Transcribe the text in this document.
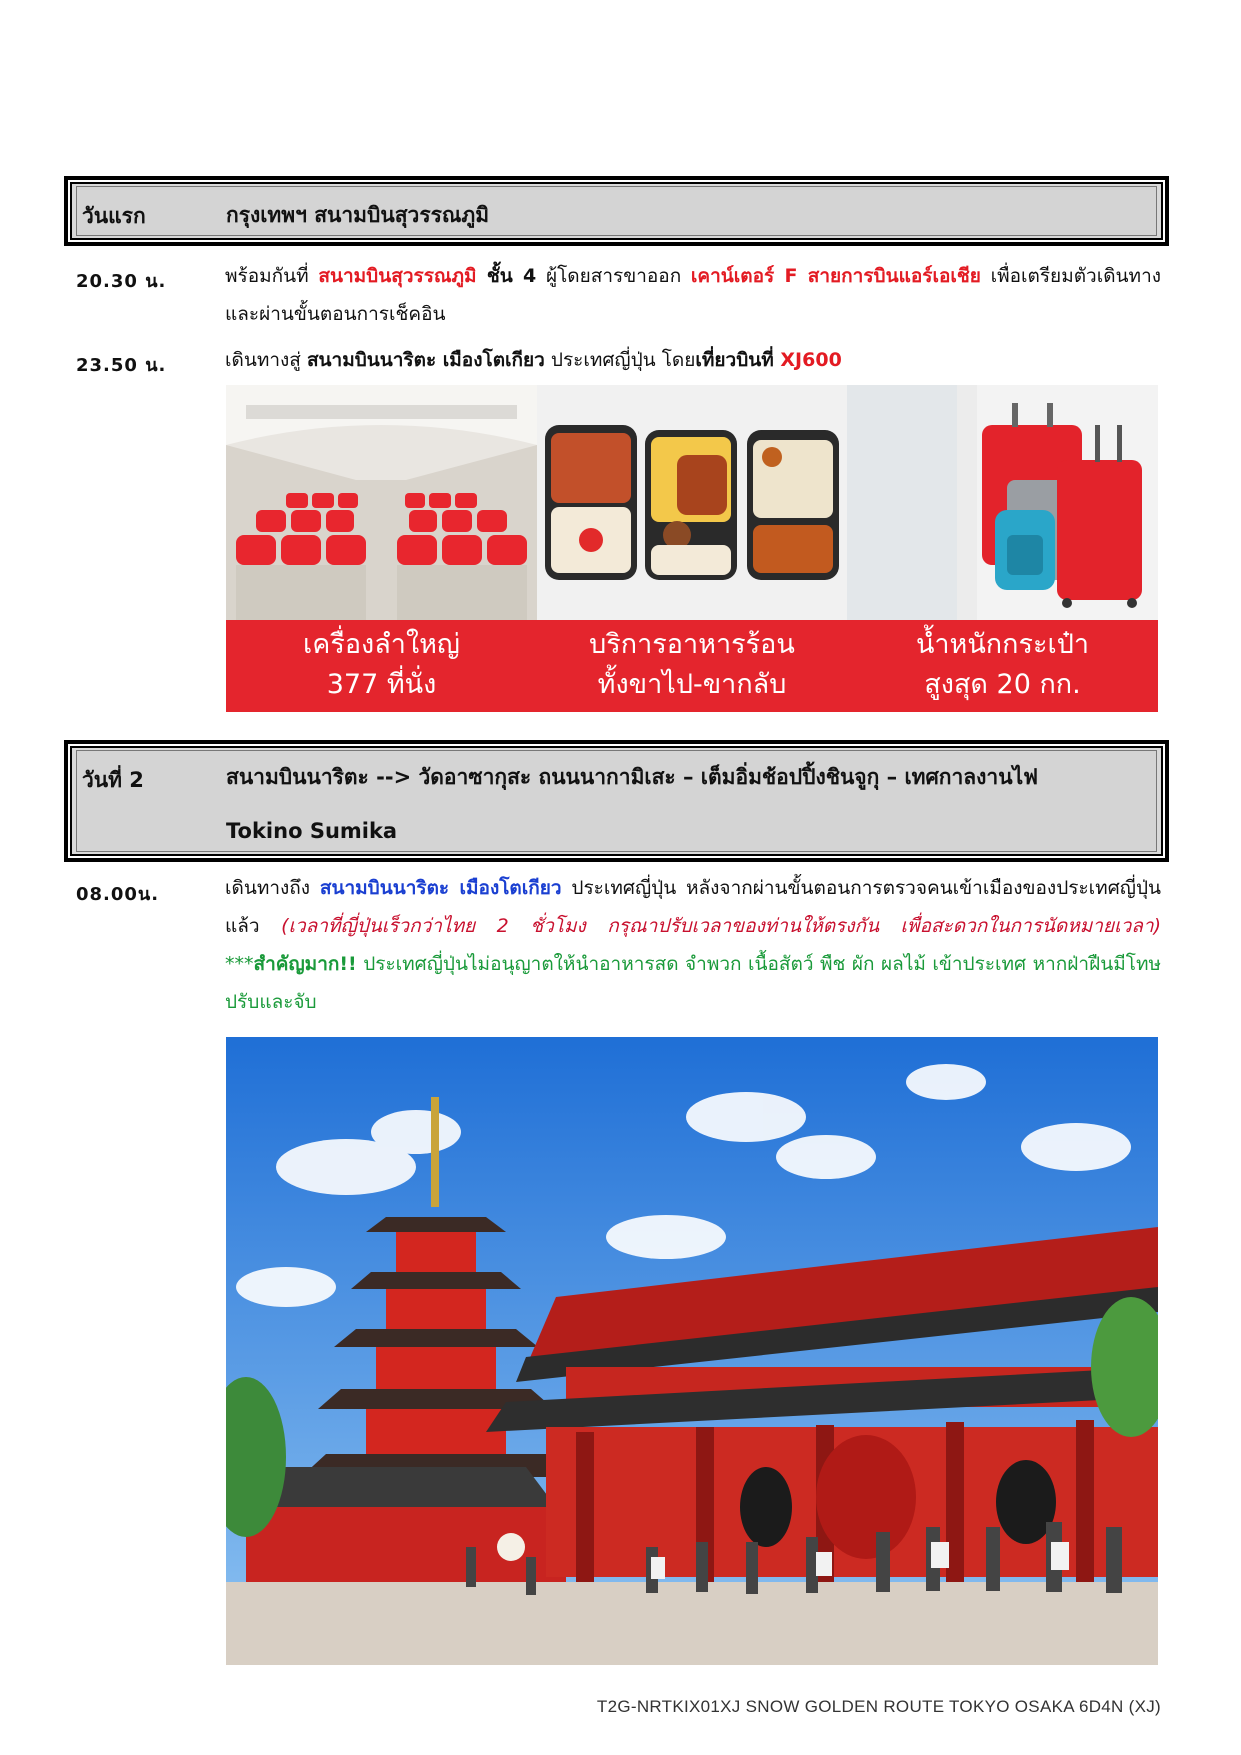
วันแรก	กรุงเทพฯ สนามบินสุวรรณภูมิ
20.30 น.	พร้อมกันที่ สนามบินสุวรรณภูมิ ชั้น 4 ผู้โดยสารขาออก เคาน์เตอร์ F สายการบินแอร์เอเชีย เพื่อเตรียมตัวเดินทาง และผ่านขั้นตอนการเช็คอิน
23.50 น.	เดินทางสู่ สนามบินนาริตะ เมืองโตเกียว ประเทศญี่ปุ่น โดยเที่ยวบินที่ XJ600
เครื่องลำใหญ่
377 ที่นั่ง
บริการอาหารร้อน
ทั้งขาไป-ขากลับ
น้ำหนักกระเป๋า
สูงสุด 20 กก.
วันที่ 2	สนามบินนาริตะ --> วัดอาซากุสะ ถนนนากามิเสะ – เต็มอิ่มช้อปปิ้งชินจูกุ – เทศกาลงานไฟ
Tokino Sumika
08.00น.	เดินทางถึง สนามบินนาริตะ เมืองโตเกียว ประเทศญี่ปุ่น หลังจากผ่านขั้นตอนการตรวจคนเข้าเมืองของประเทศญี่ปุ่นแล้ว (เวลาที่ญี่ปุ่นเร็วกว่าไทย 2 ชั่วโมง กรุณาปรับเวลาของท่านให้ตรงกัน เพื่อสะดวกในการนัดหมายเวลา) ***สำคัญมาก!! ประเทศญี่ปุ่นไม่อนุญาตให้นำอาหารสด จำพวก เนื้อสัตว์ พืช ผัก ผลไม้ เข้าประเทศ หากฝ่าฝืนมีโทษปรับและจับ
T2G-NRTKIX01XJ SNOW GOLDEN ROUTE TOKYO OSAKA 6D4N (XJ)
